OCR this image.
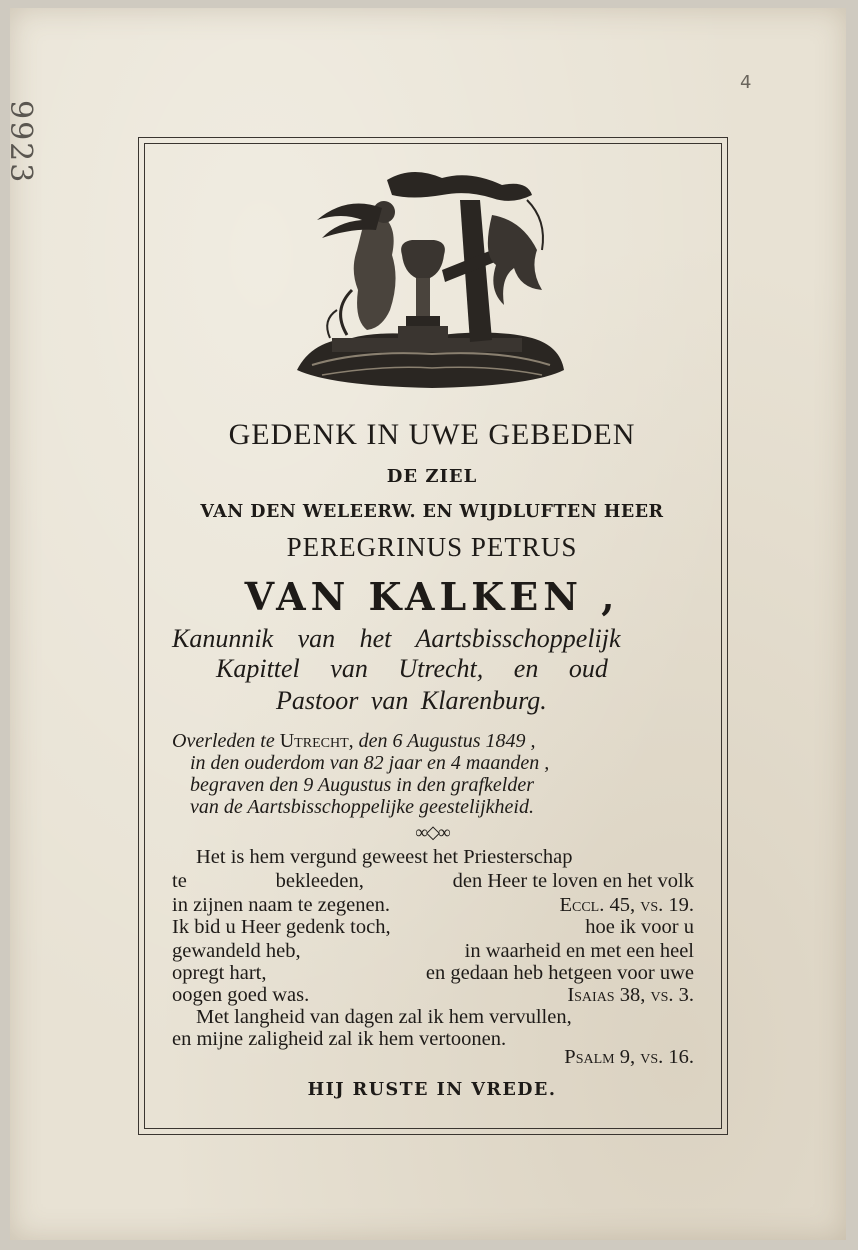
9923
4
GEDENK IN UWE GEBEDEN
DE ZIEL
VAN DEN WELEERW. EN WIJDLUFTEN HEER
PEREGRINUS PETRUS
VAN KALKEN ,
Kanunnik van het Aartsbisschoppelijk
Kapittel van Utrecht, en oud
Pastoor van Klarenburg.
Overleden te Utrecht, den 6 Augustus 1849 ,
in den ouderdom van 82 jaar en 4 maanden ,
begraven den 9 Augustus in den grafkelder
van de Aartsbisschoppelijke geestelijkheid.
∞◇∞
Het is hem vergund geweest het Priesterschap
te	bekleeden,	den Heer te loven en het volk
in zijnen naam te zegenen.	Eccl. 45, vs. 19.
Ik bid u Heer gedenk toch,	hoe ik voor u
gewandeld heb,	in waarheid en met een heel
opregt hart,	en gedaan heb hetgeen voor uwe
oogen goed was.	Isaias 38, vs. 3.
Met langheid van dagen zal ik hem vervullen,
en mijne zaligheid zal ik hem vertoonen.
Psalm 9, vs. 16.
HIJ RUSTE IN VREDE.
